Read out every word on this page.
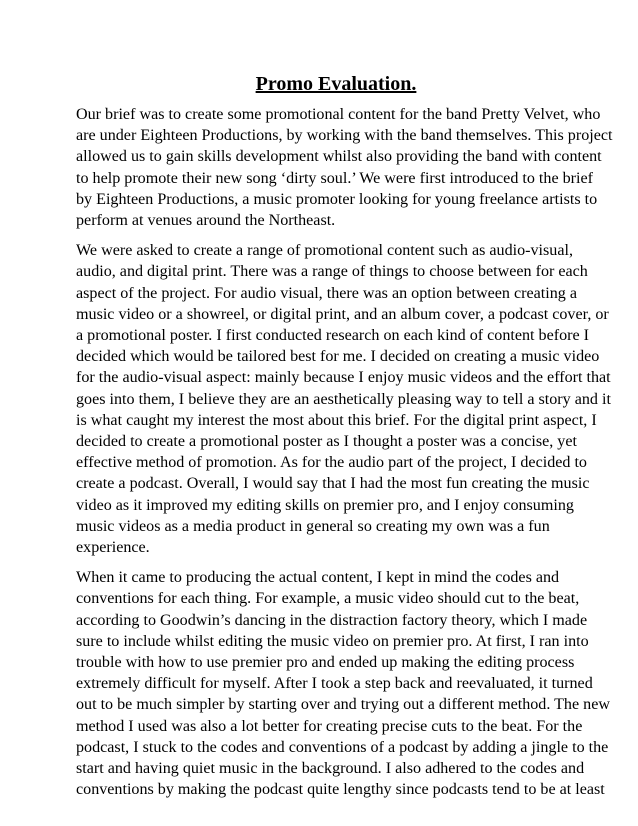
Promo Evaluation.
Our brief was to create some promotional content for the band Pretty Velvet, who
are under Eighteen Productions, by working with the band themselves. This project
allowed us to gain skills development whilst also providing the band with content
to help promote their new song ‘dirty soul.’ We were first introduced to the brief
by Eighteen Productions, a music promoter looking for young freelance artists to
perform at venues around the Northeast.
We were asked to create a range of promotional content such as audio-visual,
audio, and digital print. There was a range of things to choose between for each
aspect of the project. For audio visual, there was an option between creating a
music video or a showreel, or digital print, and an album cover, a podcast cover, or
a promotional poster. I first conducted research on each kind of content before I
decided which would be tailored best for me. I decided on creating a music video
for the audio-visual aspect: mainly because I enjoy music videos and the effort that
goes into them, I believe they are an aesthetically pleasing way to tell a story and it
is what caught my interest the most about this brief. For the digital print aspect, I
decided to create a promotional poster as I thought a poster was a concise, yet
effective method of promotion. As for the audio part of the project, I decided to
create a podcast. Overall, I would say that I had the most fun creating the music
video as it improved my editing skills on premier pro, and I enjoy consuming
music videos as a media product in general so creating my own was a fun
experience.
When it came to producing the actual content, I kept in mind the codes and
conventions for each thing. For example, a music video should cut to the beat,
according to Goodwin’s dancing in the distraction factory theory, which I made
sure to include whilst editing the music video on premier pro. At first, I ran into
trouble with how to use premier pro and ended up making the editing process
extremely difficult for myself. After I took a step back and reevaluated, it turned
out to be much simpler by starting over and trying out a different method. The new
method I used was also a lot better for creating precise cuts to the beat. For the
podcast, I stuck to the codes and conventions of a podcast by adding a jingle to the
start and having quiet music in the background. I also adhered to the codes and
conventions by making the podcast quite lengthy since podcasts tend to be at least
